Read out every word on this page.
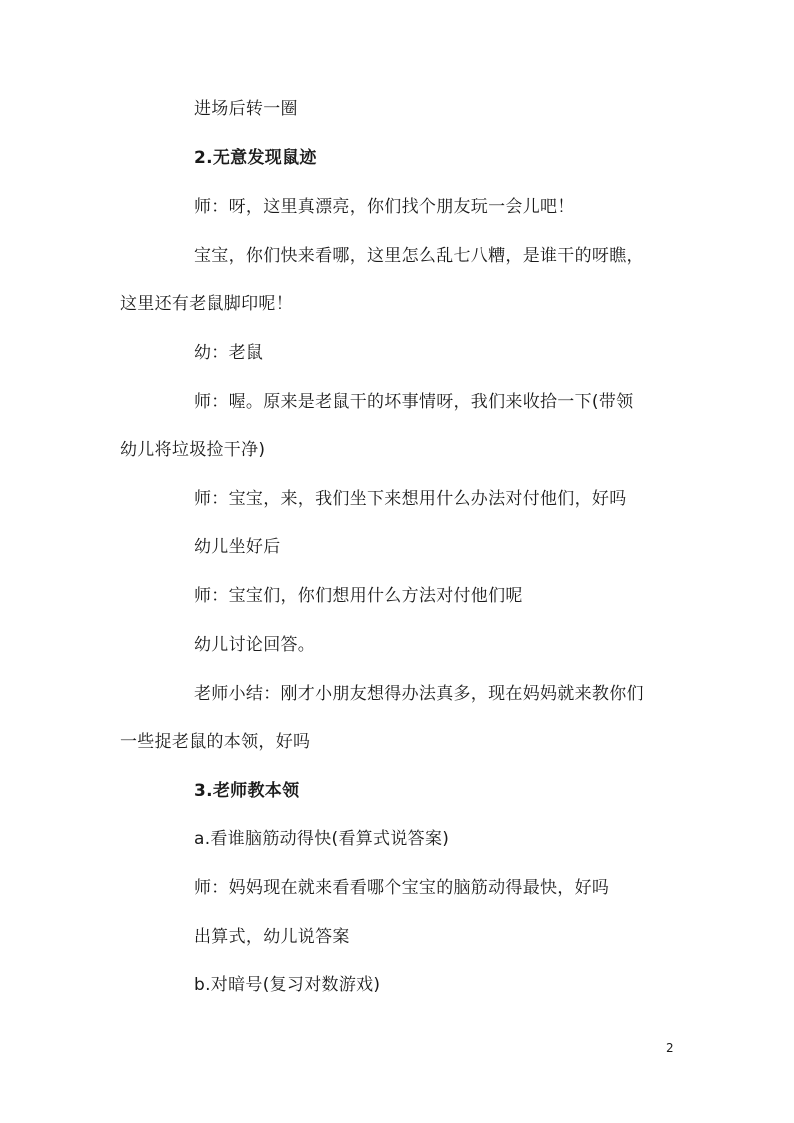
进场后转一圈
2.无意发现鼠迹
师：呀，这里真漂亮，你们找个朋友玩一会儿吧！
宝宝，你们快来看哪，这里怎么乱七八糟，是谁干的呀瞧，
这里还有老鼠脚印呢！
幼：老鼠
师：喔。原来是老鼠干的坏事情呀，我们来收拾一下(带领
幼儿将垃圾捡干净)
师：宝宝，来，我们坐下来想用什么办法对付他们，好吗
幼儿坐好后
师：宝宝们，你们想用什么方法对付他们呢
幼儿讨论回答。
老师小结：刚才小朋友想得办法真多，现在妈妈就来教你们
一些捉老鼠的本领，好吗
3.老师教本领
a.看谁脑筋动得快(看算式说答案)
师：妈妈现在就来看看哪个宝宝的脑筋动得最快，好吗
出算式，幼儿说答案
b.对暗号(复习对数游戏)
2
